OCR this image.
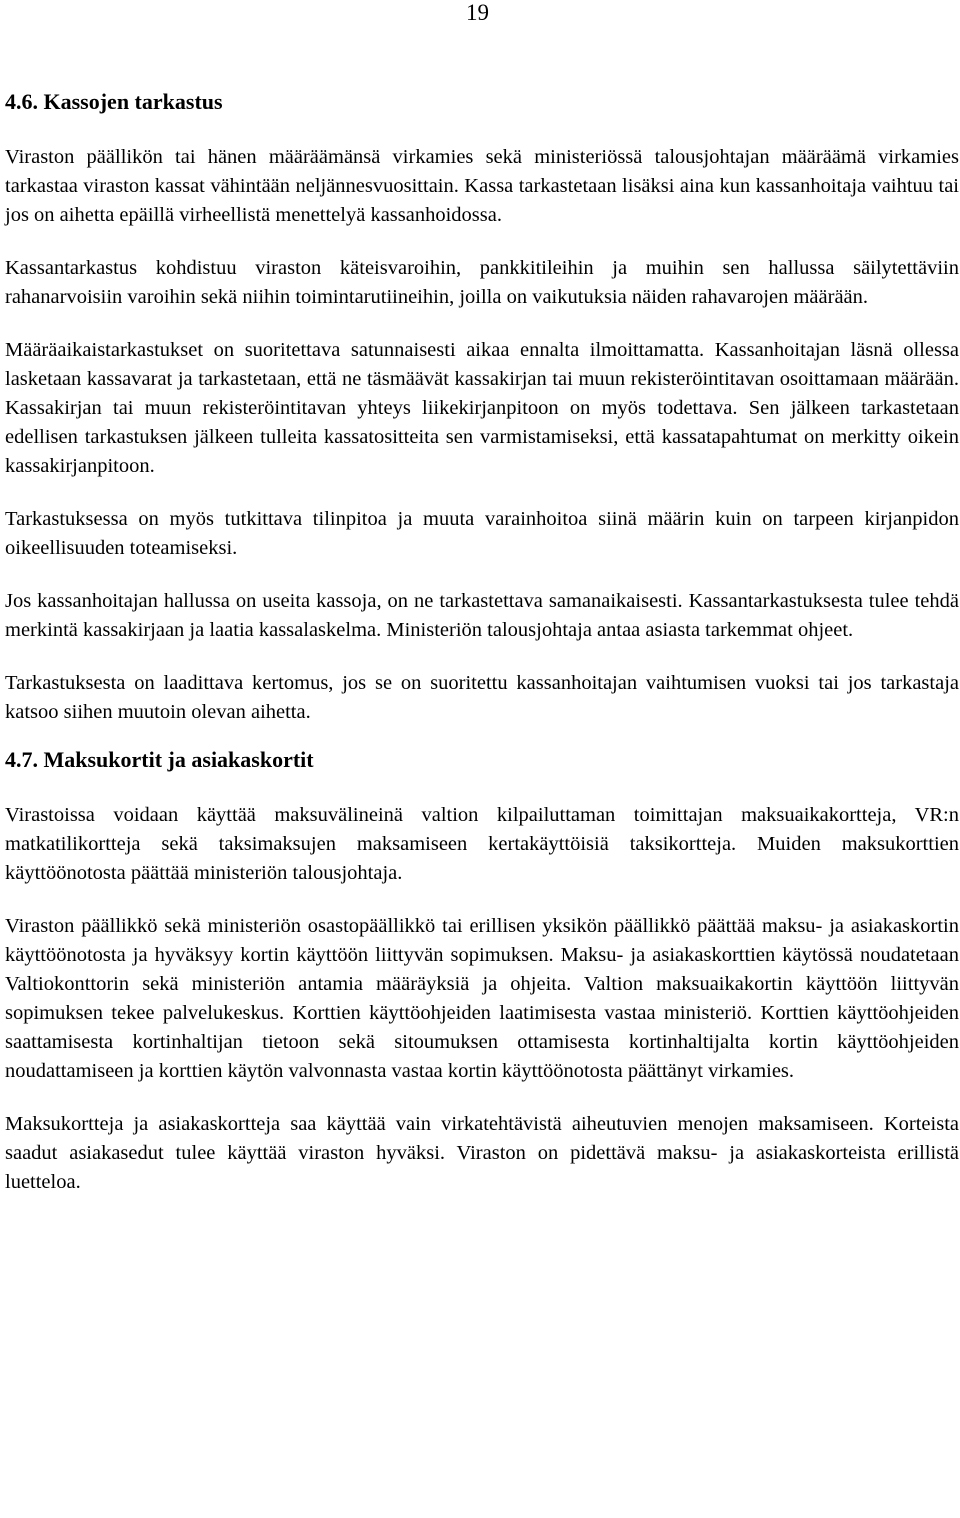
19
4.6. Kassojen tarkastus

Viraston päällikön tai hänen määräämänsä virkamies sekä ministeriössä talousjohtajan määräämä virkamies tarkastaa viraston kassat vähintään neljännesvuosittain. Kassa tarkastetaan lisäksi aina kun kassanhoitaja vaihtuu tai jos on aihetta epäillä virheellistä menettelyä kassanhoidossa.

Kassantarkastus kohdistuu viraston käteisvaroihin, pankkitileihin ja muihin sen hallussa säilytettäviin rahanarvoisiin varoihin sekä niihin toimintarutiineihin, joilla on vaikutuksia näiden rahavarojen määrään.

Määräaikaistarkastukset on suoritettava satunnaisesti aikaa ennalta ilmoittamatta. Kassanhoitajan läsnä ollessa lasketaan kassavarat ja tarkastetaan, että ne täsmäävät kassakirjan tai muun rekisteröintitavan osoittamaan määrään. Kassakirjan tai muun rekisteröintitavan yhteys liikekirjanpitoon on myös todettava. Sen jälkeen tarkastetaan edellisen tarkastuksen jälkeen tulleita kassatositteita sen varmistamiseksi, että kassatapahtumat on merkitty oikein kassakirjanpitoon.

Tarkastuksessa on myös tutkittava tilinpitoa ja muuta varainhoitoa siinä määrin kuin on tarpeen kirjanpidon oikeellisuuden toteamiseksi.

Jos kassanhoitajan hallussa on useita kassoja, on ne tarkastettava samanaikaisesti. Kassantarkastuksesta tulee tehdä merkintä kassakirjaan ja laatia kassalaskelma. Ministeriön talousjohtaja antaa asiasta tarkemmat ohjeet.

Tarkastuksesta on laadittava kertomus, jos se on suoritettu kassanhoitajan vaihtumisen vuoksi tai jos tarkastaja katsoo siihen muutoin olevan aihetta.

4.7. Maksukortit ja asiakaskortit

Virastoissa voidaan käyttää maksuvälineinä valtion kilpailuttaman toimittajan maksuaikakortteja, VR:n matkatilikortteja sekä taksimaksujen maksamiseen kertakäyttöisiä taksikortteja. Muiden maksukorttien käyttöönotosta päättää ministeriön talousjohtaja.

Viraston päällikkö sekä ministeriön osastopäällikkö tai erillisen yksikön päällikkö päättää maksu- ja asiakaskortin käyttöönotosta ja hyväksyy kortin käyttöön liittyvän sopimuksen. Maksu- ja asiakaskorttien käytössä noudatetaan Valtiokonttorin sekä ministeriön antamia määräyksiä ja ohjeita. Valtion maksuaikakortin käyttöön liittyvän sopimuksen tekee palvelukeskus. Korttien käyttöohjeiden laatimisesta vastaa ministeriö. Korttien käyttöohjeiden saattamisesta kortinhaltijan tietoon sekä sitoumuksen ottamisesta kortinhaltijalta kortin käyttöohjeiden noudattamiseen ja korttien käytön valvonnasta vastaa kortin käyttöönotosta päättänyt virkamies.

Maksukortteja ja asiakaskortteja saa käyttää vain virkatehtävistä aiheutuvien menojen maksamiseen. Korteista saadut asiakasedut tulee käyttää viraston hyväksi. Viraston on pidettävä maksu- ja asiakaskorteista erillistä luetteloa.
